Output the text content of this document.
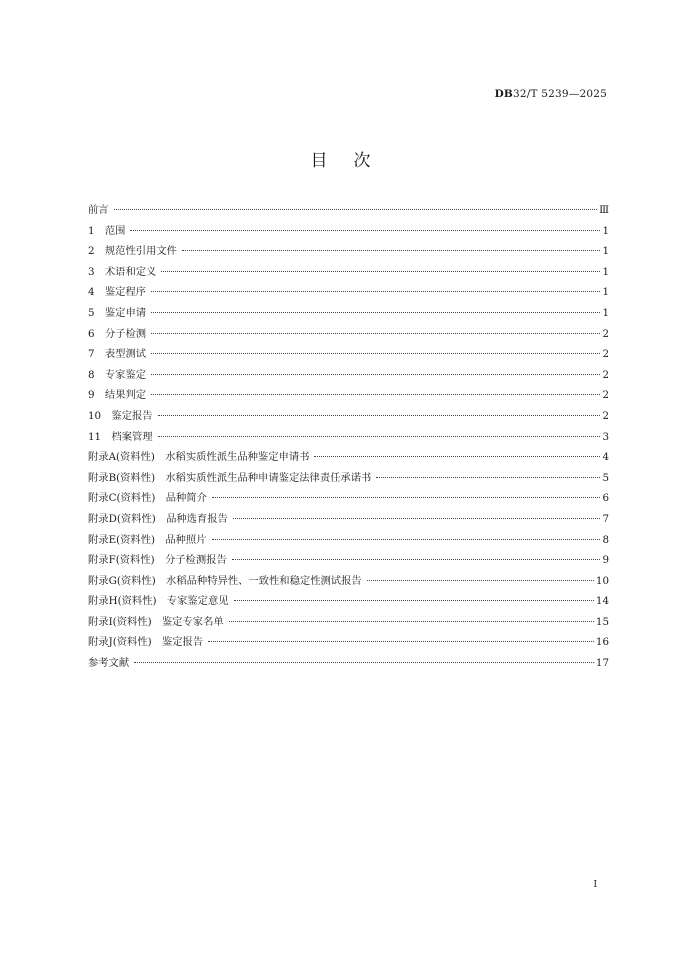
DB32/T 5239—2025
目次
前言	Ⅲ
1　范围	1
2　规范性引用文件	1
3　术语和定义	1
4　鉴定程序	1
5　鉴定申请	1
6　分子检测	2
7　表型测试	2
8　专家鉴定	2
9　结果判定	2
10　鉴定报告	2
11　档案管理	3
附录A(资料性)　水稻实质性派生品种鉴定申请书	4
附录B(资料性)　水稻实质性派生品种申请鉴定法律责任承诺书	5
附录C(资料性)　品种简介	6
附录D(资料性)　品种选育报告	7
附录E(资料性)　品种照片	8
附录F(资料性)　分子检测报告	9
附录G(资料性)　水稻品种特异性、一致性和稳定性测试报告	10
附录H(资料性)　专家鉴定意见	14
附录I(资料性)　鉴定专家名单	15
附录J(资料性)　鉴定报告	16
参考文献	17
Ⅰ
